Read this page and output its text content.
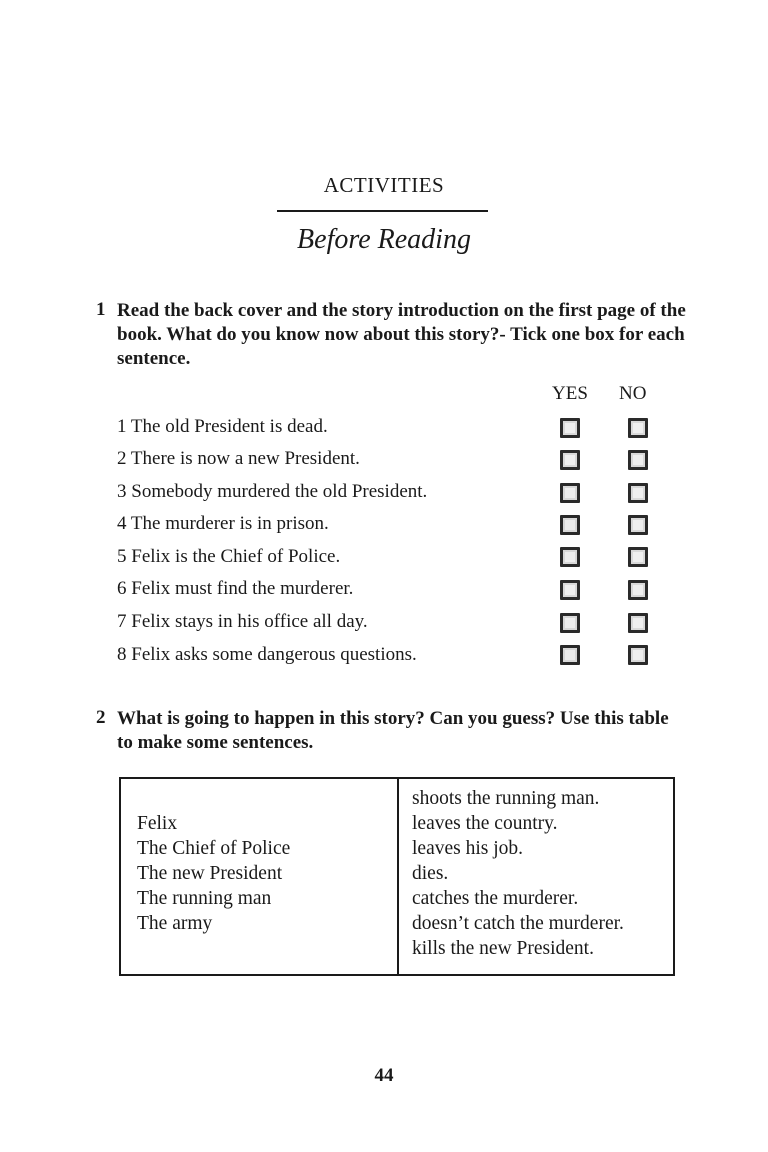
ACTIVITIES
Before Reading
1 Read the back cover and the story introduction on the first page of the book. What do you know now about this story?- Tick one box for each sentence.
YES NO
1 The old President is dead.
2 There is now a new President.
3 Somebody murdered the old President.
4 The murderer is in prison.
5 Felix is the Chief of Police.
6 Felix must find the murderer.
7 Felix stays in his office all day.
8 Felix asks some dangerous questions.
2 What is going to happen in this story? Can you guess? Use this table to make some sentences.
Felix
The Chief of Police
The new President
The running man
The army
shoots the running man.
leaves the country.
leaves his job.
dies.
catches the murderer.
doesn’t catch the murderer.
kills the new President.
44
